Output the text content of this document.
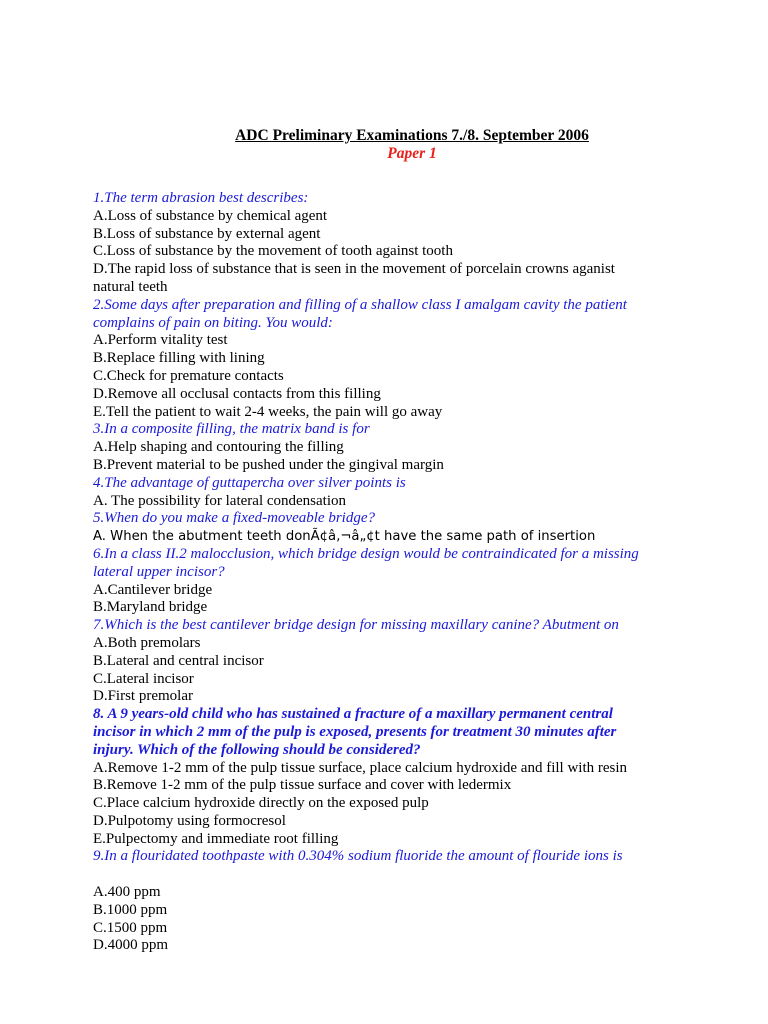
ADC Preliminary Examinations 7./8. September 2006
Paper 1
1.The term abrasion best describes:
A.Loss of substance by chemical agent
B.Loss of substance by external agent
C.Loss of substance by the movement of tooth against tooth
D.The rapid loss of substance that is seen in the movement of porcelain crowns aganist
natural teeth
2.Some days after preparation and filling of a shallow class I amalgam cavity the patient
complains of pain on biting. You would:
A.Perform vitality test
B.Replace filling with lining
C.Check for premature contacts
D.Remove all occlusal contacts from this filling
E.Tell the patient to wait 2-4 weeks, the pain will go away
3.In a composite filling, the matrix band is for
A.Help shaping and contouring the filling
B.Prevent material to be pushed under the gingival margin
4.The advantage of guttapercha over silver points is
A. The possibility for lateral condensation
5.When do you make a fixed-moveable bridge?
A. When the abutment teeth donÃ¢â‚¬â„¢t have the same path of insertion
6.In a class II.2 malocclusion, which bridge design would be contraindicated for a missing
lateral upper incisor?
A.Cantilever bridge
B.Maryland bridge
7.Which is the best cantilever bridge design for missing maxillary canine? Abutment on
A.Both premolars
B.Lateral and central incisor
C.Lateral incisor
D.First premolar
8. A 9 years-old child who has sustained a fracture of a maxillary permanent central
incisor in which 2 mm of the pulp is exposed, presents for treatment 30 minutes after
injury. Which of the following should be considered?
A.Remove 1-2 mm of the pulp tissue surface, place calcium hydroxide and fill with resin
B.Remove 1-2 mm of the pulp tissue surface and cover with ledermix
C.Place calcium hydroxide directly on the exposed pulp
D.Pulpotomy using formocresol
E.Pulpectomy and immediate root filling
9.In a flouridated toothpaste with 0.304% sodium fluoride the amount of flouride ions is
A.400 ppm
B.1000 ppm
C.1500 ppm
D.4000 ppm
